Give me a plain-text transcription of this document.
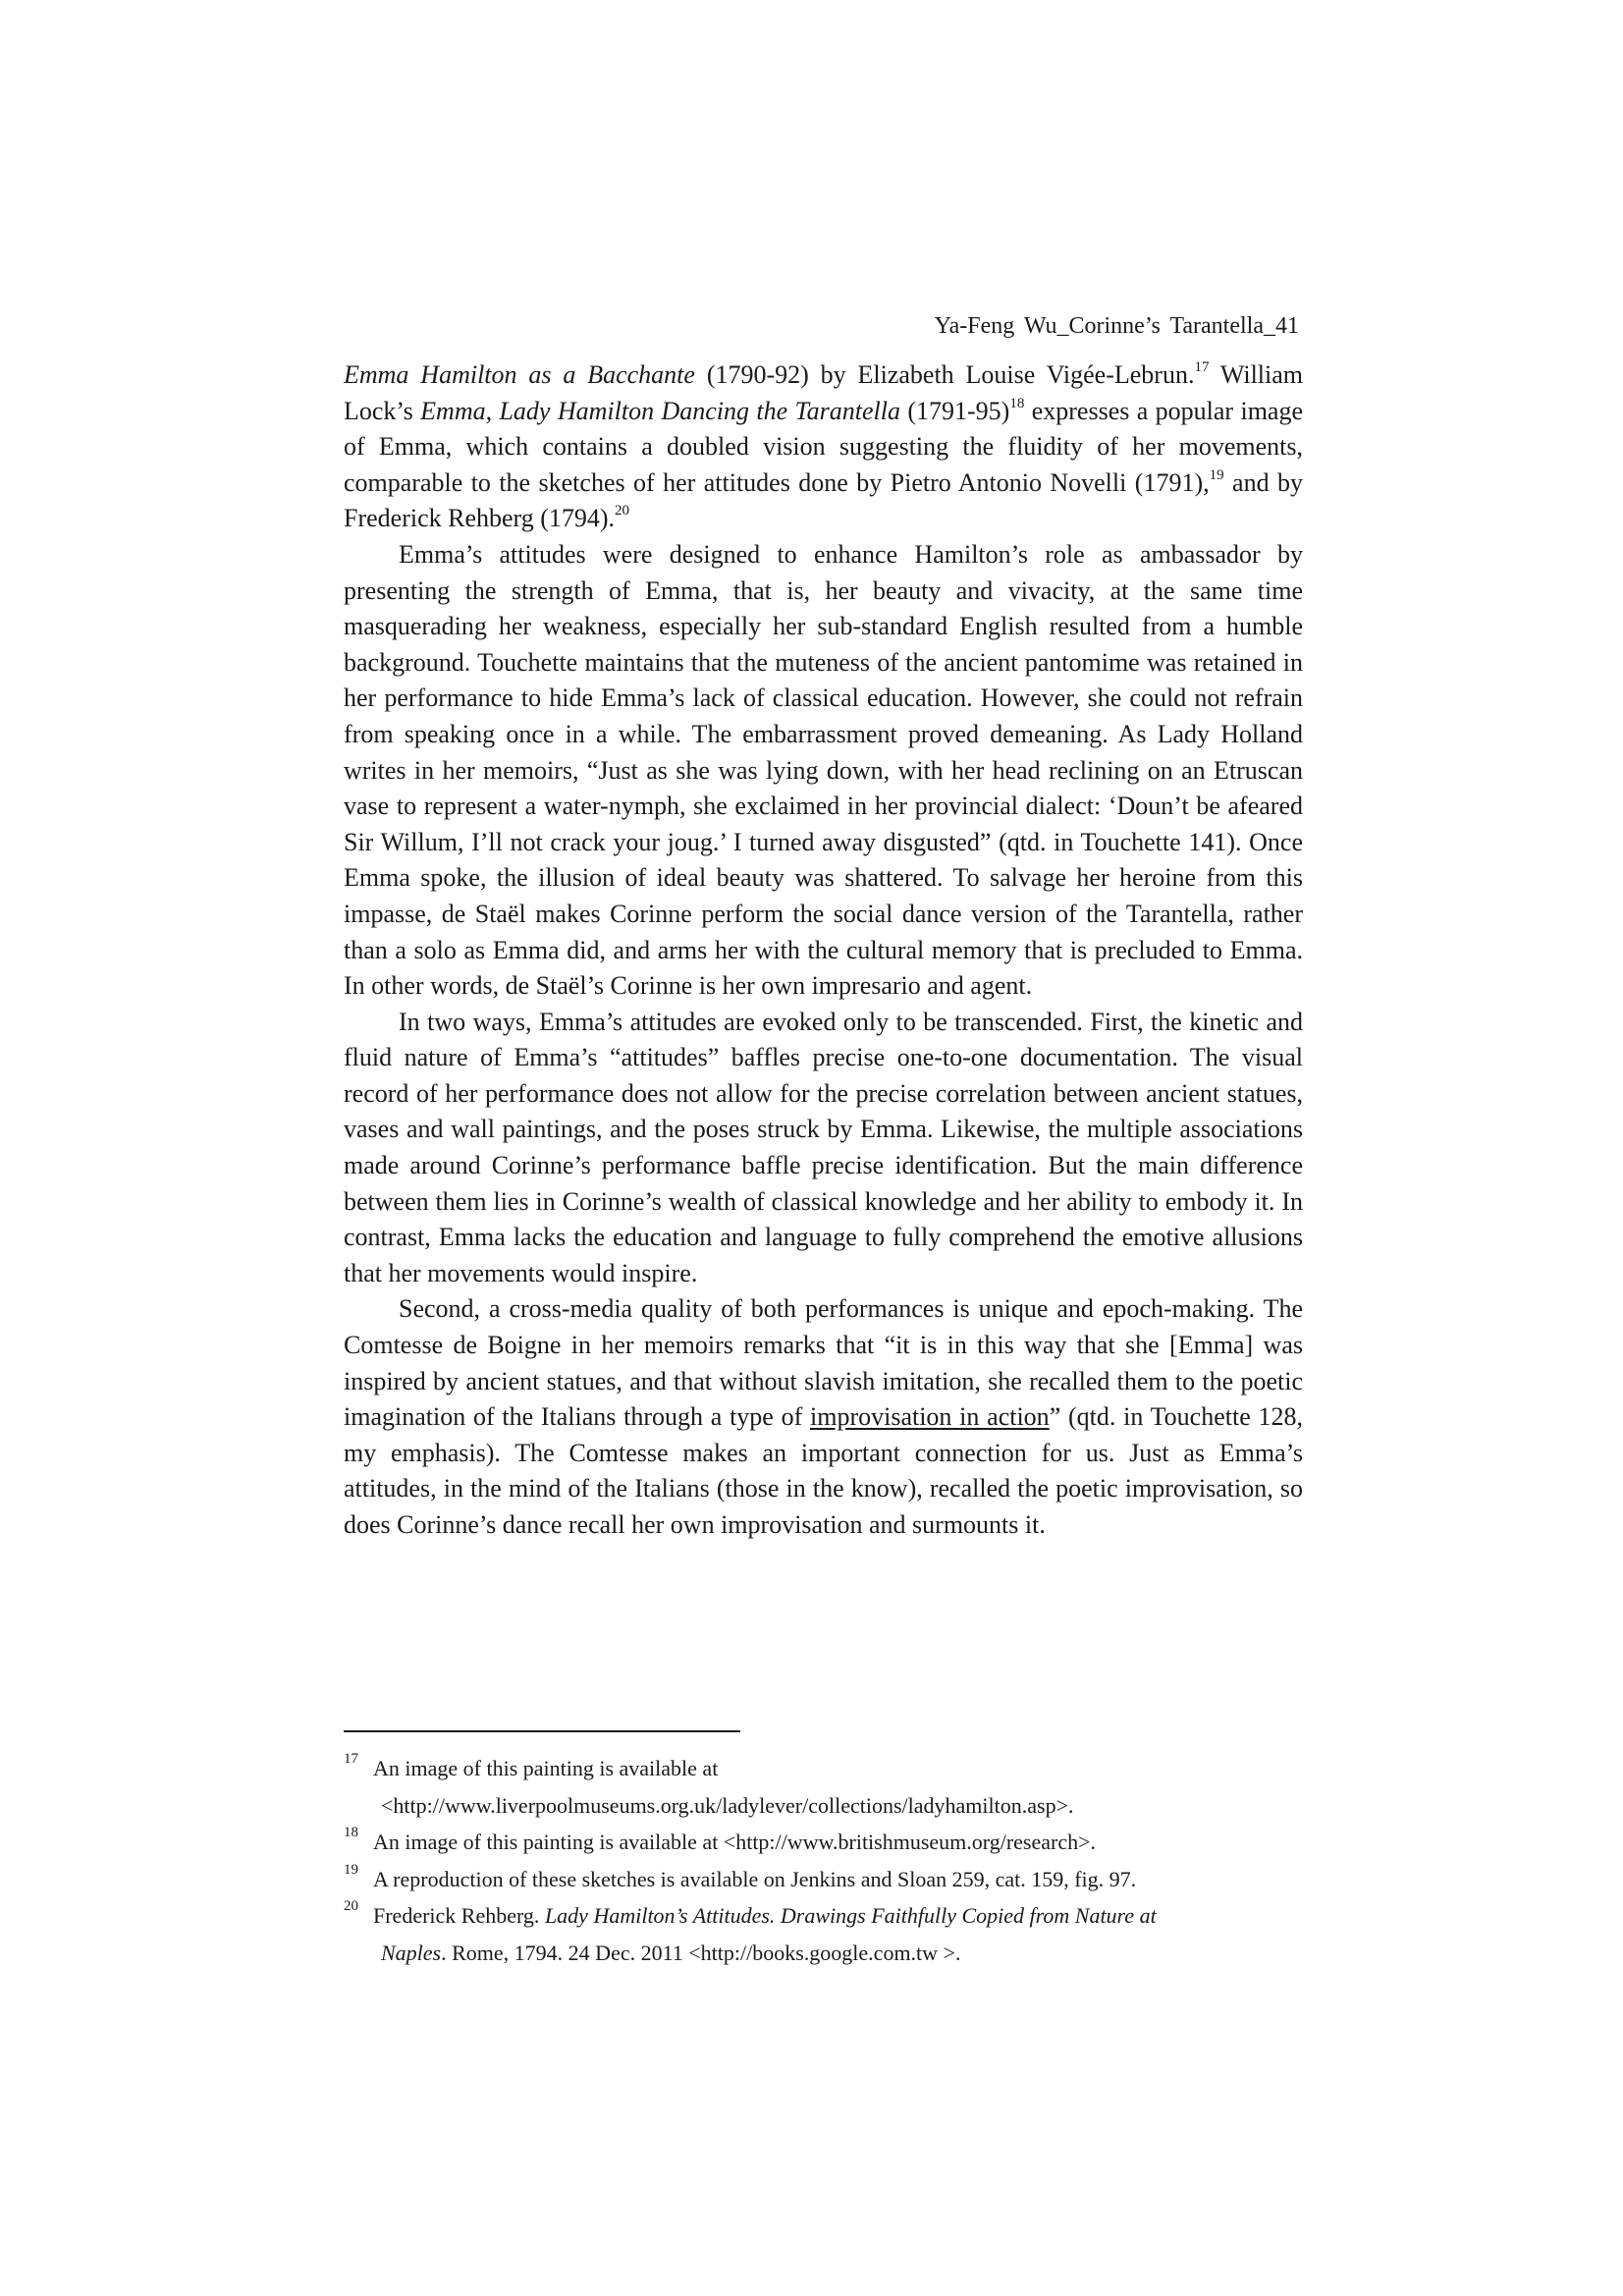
Ya-Feng Wu_Corinne’s Tarantella_41

Emma Hamilton as a Bacchante (1790-92) by Elizabeth Louise Vigée-Lebrun.$^{17}$ William Lock’s Emma, Lady Hamilton Dancing the Tarantella (1791-95)$^{18}$ expresses a popular image of Emma, which contains a doubled vision suggesting the fluidity of her movements, comparable to the sketches of her attitudes done by Pietro Antonio Novelli (1791),$^{19}$ and by Frederick Rehberg (1794).$^{20}$

Emma’s attitudes were designed to enhance Hamilton’s role as ambassador by presenting the strength of Emma, that is, her beauty and vivacity, at the same time masquerading her weakness, especially her sub-standard English resulted from a humble background. Touchette maintains that the muteness of the ancient pantomime was retained in her performance to hide Emma’s lack of classical education. However, she could not refrain from speaking once in a while. The embarrassment proved demeaning. As Lady Holland writes in her memoirs, “Just as she was lying down, with her head reclining on an Etruscan vase to represent a water-nymph, she exclaimed in her provincial dialect: ‘Doun’t be afeared Sir Willum, I’ll not crack your joug.’ I turned away disgusted” (qtd. in Touchette 141). Once Emma spoke, the illusion of ideal beauty was shattered. To salvage her heroine from this impasse, de Staël makes Corinne perform the social dance version of the Tarantella, rather than a solo as Emma did, and arms her with the cultural memory that is precluded to Emma. In other words, de Staël’s Corinne is her own impresario and agent.

In two ways, Emma’s attitudes are evoked only to be transcended. First, the kinetic and fluid nature of Emma’s “attitudes” baffles precise one-to-one documentation. The visual record of her performance does not allow for the precise correlation between ancient statues, vases and wall paintings, and the poses struck by Emma. Likewise, the multiple associations made around Corinne’s performance baffle precise identification. But the main difference between them lies in Corinne’s wealth of classical knowledge and her ability to embody it. In contrast, Emma lacks the education and language to fully comprehend the emotive allusions that her movements would inspire.

Second, a cross-media quality of both performances is unique and epoch-making. The Comtesse de Boigne in her memoirs remarks that “it is in this way that she [Emma] was inspired by ancient statues, and that without slavish imitation, she recalled them to the poetic imagination of the Italians through a type of improvisation in action” (qtd. in Touchette 128, my emphasis). The Comtesse makes an important connection for us. Just as Emma’s attitudes, in the mind of the Italians (those in the know), recalled the poetic improvisation, so does Corinne’s dance recall her own improvisation and surmounts it.

17 An image of this painting is available at
<http://www.liverpoolmuseums.org.uk/ladylever/collections/ladyhamilton.asp>.
18 An image of this painting is available at <http://www.britishmuseum.org/research>.
19 A reproduction of these sketches is available on Jenkins and Sloan 259, cat. 159, fig. 97.
20 Frederick Rehberg. Lady Hamilton’s Attitudes. Drawings Faithfully Copied from Nature at
Naples. Rome, 1794. 24 Dec. 2011 <http://books.google.com.tw >.
